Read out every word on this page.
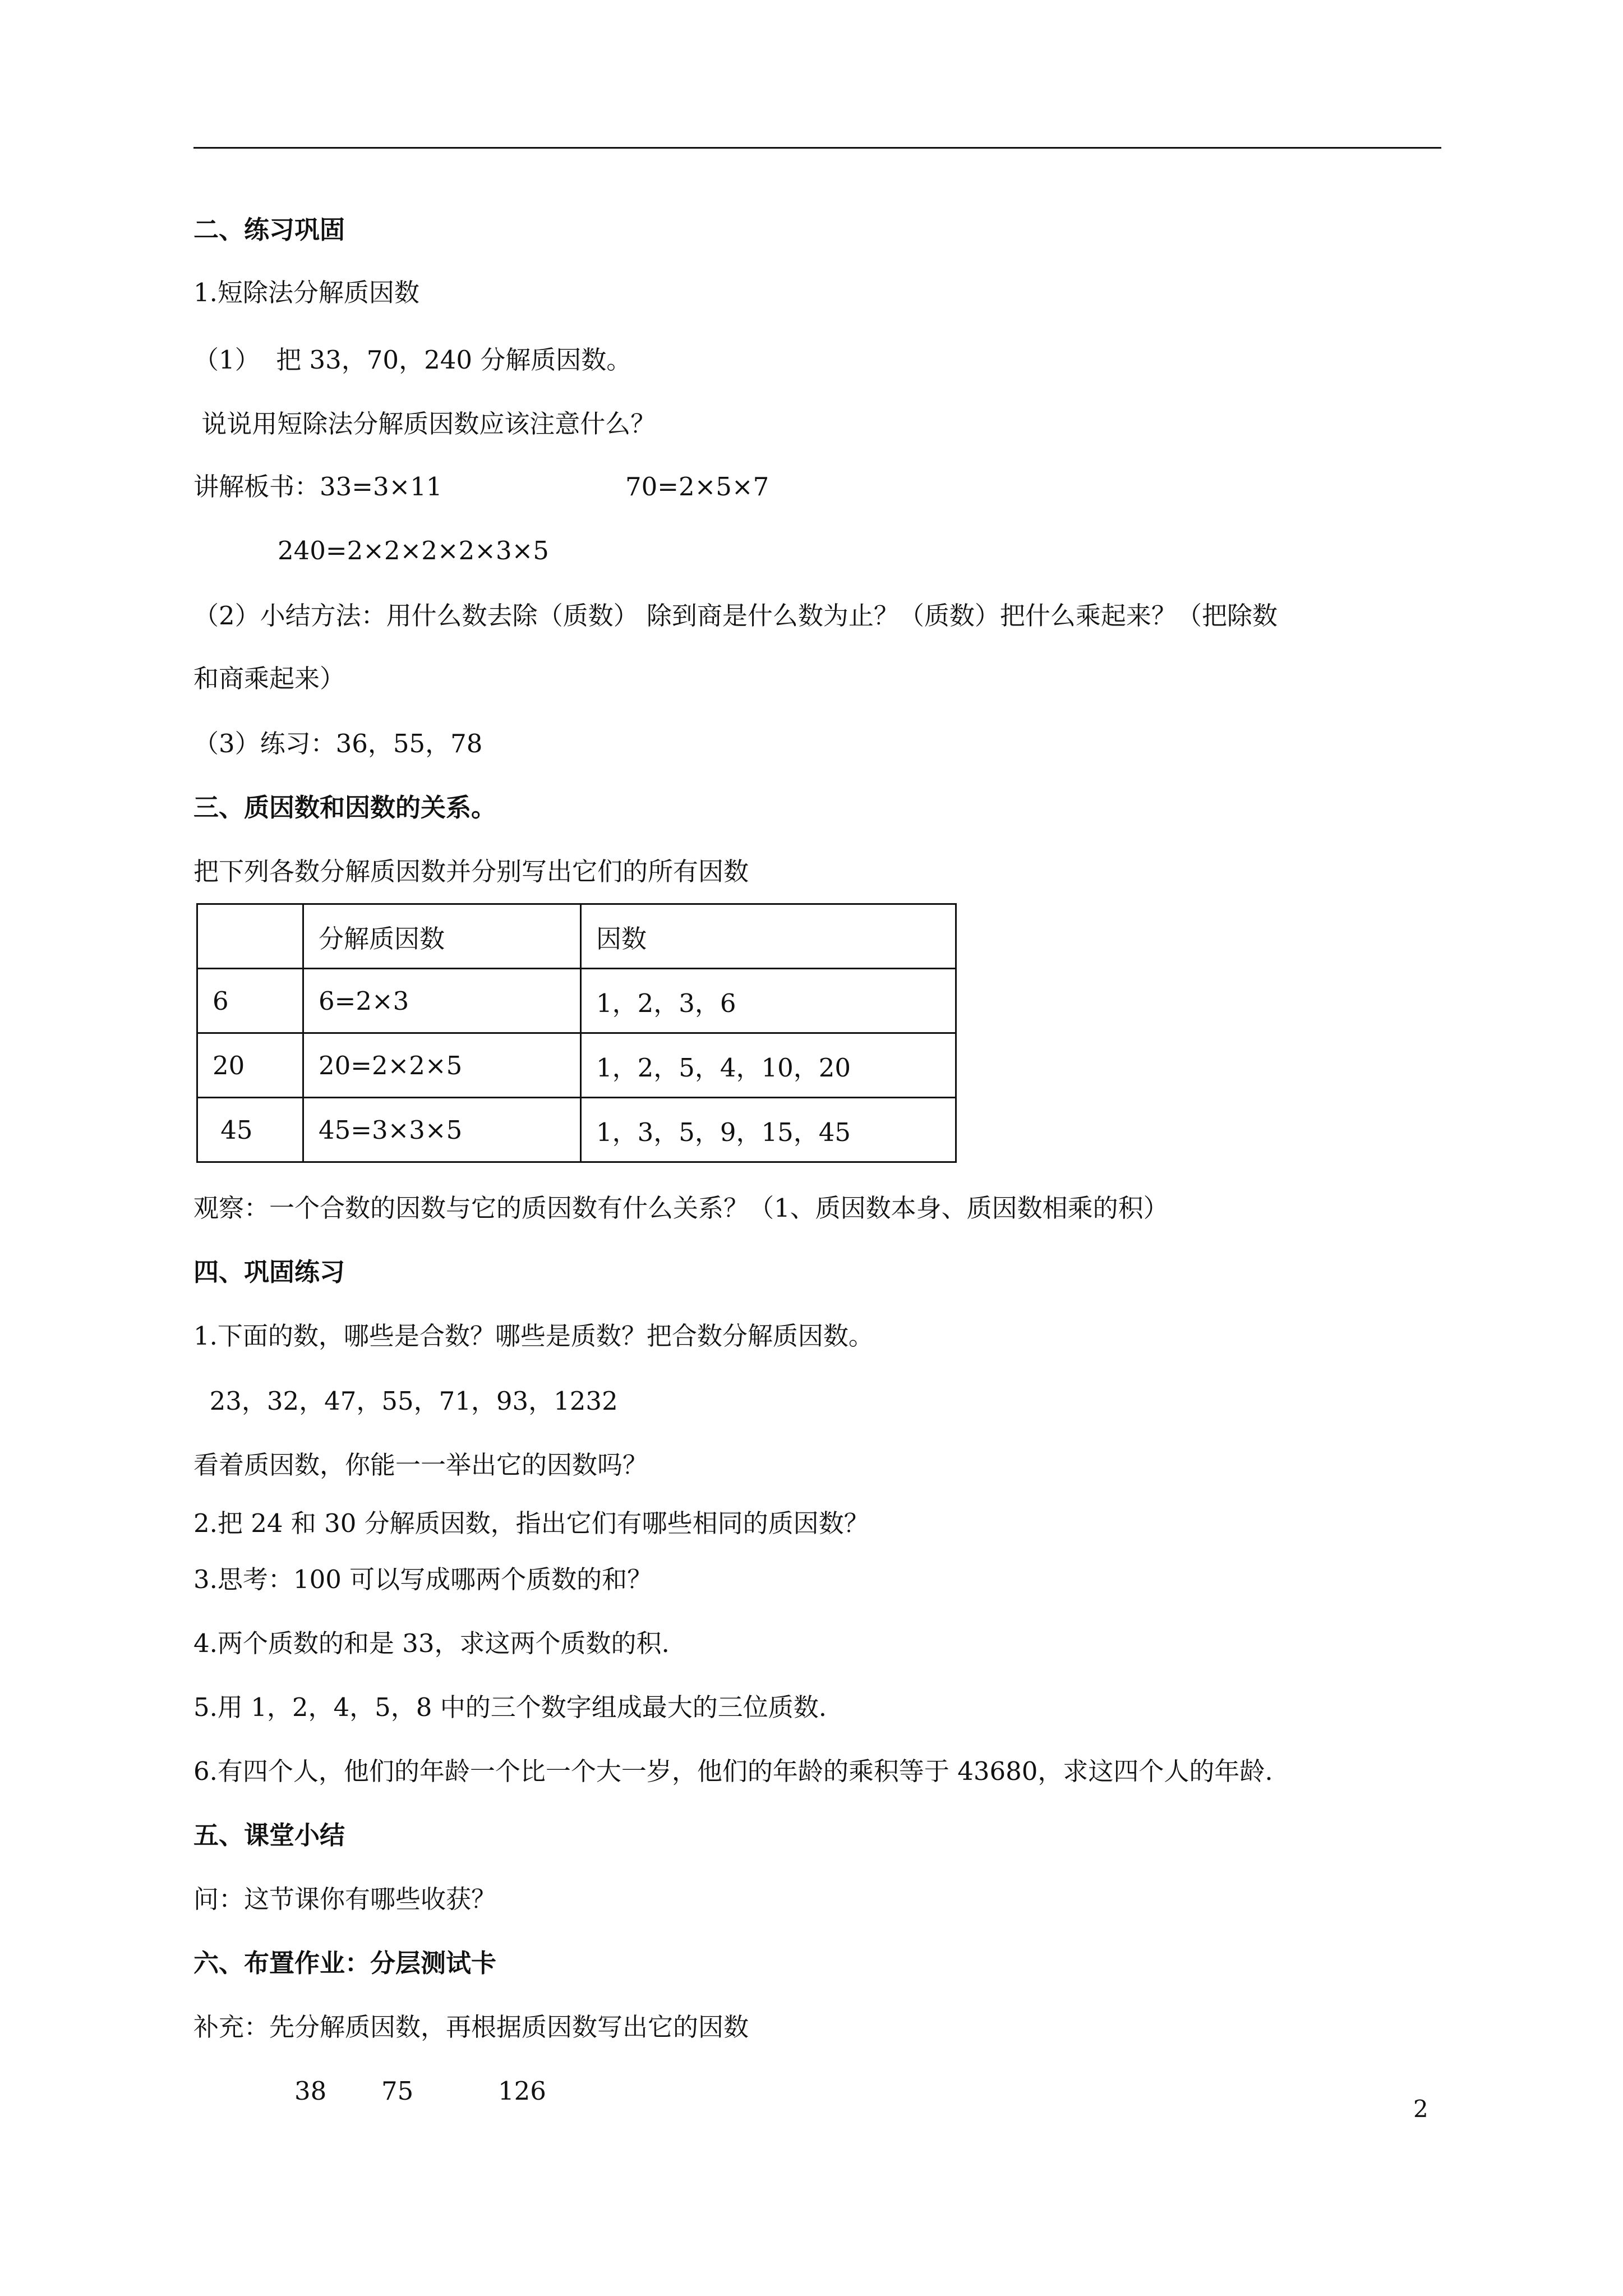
二、练习巩固
1.短除法分解质因数
（1）  把 33，70，240 分解质因数。
说说用短除法分解质因数应该注意什么？
讲解板书：33=3×11	70=2×5×7
240=2×2×2×2×3×5
（2）小结方法：用什么数去除（质数） 除到商是什么数为止？（质数）把什么乘起来？（把除数
和商乘起来）
（3）练习：36，55，78
三、质因数和因数的关系。
把下列各数分解质因数并分别写出它们的所有因数
	分解质因数	因数
6	6=2×3	1，2，3，6
20	20=2×2×5	1，2，5，4，10，20
45	45=3×3×5	1，3，5，9，15，45
观察：一个合数的因数与它的质因数有什么关系？（1、质因数本身、质因数相乘的积）
四、巩固练习
1.下面的数，哪些是合数？哪些是质数？把合数分解质因数。
23，32，47，55，71，93，1232
看着质因数，你能一一举出它的因数吗？
2.把 24 和 30 分解质因数，指出它们有哪些相同的质因数？
3.思考：100 可以写成哪两个质数的和？
4.两个质数的和是 33，求这两个质数的积.
5.用 1，2，4，5，8 中的三个数字组成最大的三位质数.
6.有四个人，他们的年龄一个比一个大一岁，他们的年龄的乘积等于 43680，求这四个人的年龄.
五、课堂小结
问：这节课你有哪些收获？
六、布置作业：分层测试卡
补充：先分解质因数，再根据质因数写出它的因数
38 75	126
2
